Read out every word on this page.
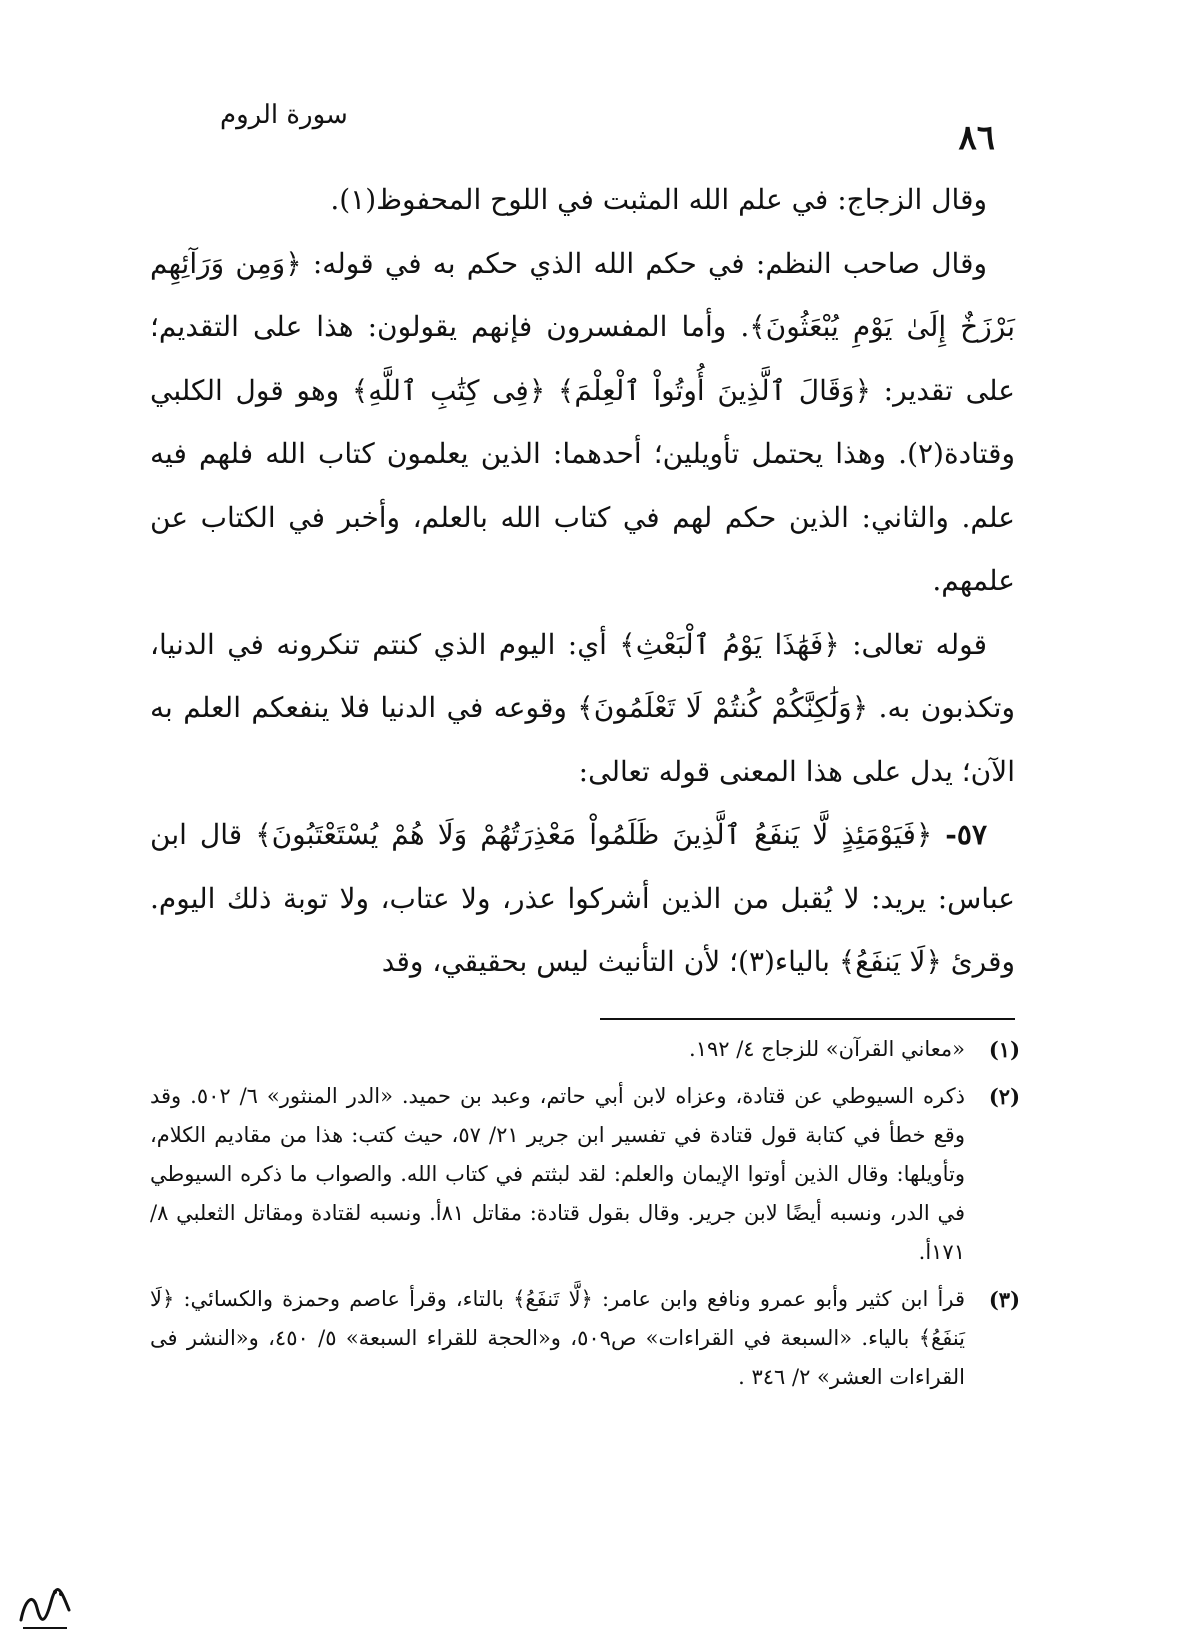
٨٦
سورة الروم

وقال الزجاج: في علم الله المثبت في اللوح المحفوظ(١).

وقال صاحب النظم: في حكم الله الذي حكم به في قوله: ﴿وَمِن وَرَآئِهِم بَرْزَخٌ إِلَىٰ يَوْمِ يُبْعَثُونَ﴾. وأما المفسرون فإنهم يقولون: هذا على التقديم؛ على تقدير: ﴿وَقَالَ ٱلَّذِينَ أُوتُواْ ٱلْعِلْمَ﴾ ﴿فِى كِتَٰبِ ٱللَّهِ﴾ وهو قول الكلبي وقتادة(٢). وهذا يحتمل تأويلين؛ أحدهما: الذين يعلمون كتاب الله فلهم فيه علم. والثاني: الذين حكم لهم في كتاب الله بالعلم، وأخبر في الكتاب عن علمهم.

قوله تعالى: ﴿فَهَٰذَا يَوْمُ ٱلْبَعْثِ﴾ أي: اليوم الذي كنتم تنكرونه في الدنيا، وتكذبون به. ﴿وَلَٰكِنَّكُمْ كُنتُمْ لَا تَعْلَمُونَ﴾ وقوعه في الدنيا فلا ينفعكم العلم به الآن؛ يدل على هذا المعنى قوله تعالى:

٥٧- ﴿فَيَوْمَئِذٍ لَّا يَنفَعُ ٱلَّذِينَ ظَلَمُواْ مَعْذِرَتُهُمْ وَلَا هُمْ يُسْتَعْتَبُونَ﴾ قال ابن عباس: يريد: لا يُقبل من الذين أشركوا عذر، ولا عتاب، ولا توبة ذلك اليوم. وقرئ ﴿لَا يَنفَعُ﴾ بالياء(٣)؛ لأن التأنيث ليس بحقيقي، وقد

(١)
«معاني القرآن» للزجاج ٤/ ١٩٢.
(٢)
ذكره السيوطي عن قتادة، وعزاه لابن أبي حاتم، وعبد بن حميد. «الدر المنثور» ٦/ ٥٠٢. وقد وقع خطأ في كتابة قول قتادة في تفسير ابن جرير ٢١/ ٥٧، حيث كتب: هذا من مقاديم الكلام، وتأويلها: وقال الذين أوتوا الإيمان والعلم: لقد لبثتم في كتاب الله. والصواب ما ذكره السيوطي في الدر، ونسبه أيضًا لابن جرير. وقال بقول قتادة: مقاتل ٨١أ. ونسبه لقتادة ومقاتل الثعلبي ٨/ ١٧١أ.
(٣)
قرأ ابن كثير وأبو عمرو ونافع وابن عامر: ﴿لَّا تَنفَعُ﴾ بالتاء، وقرأ عاصم وحمزة والكسائي: ﴿لَا يَنفَعُ﴾ بالياء. «السبعة في القراءات» ص٥٠٩، و«الحجة للقراء السبعة» ٥/ ٤٥٠، و«النشر فى القراءات العشر» ٢/ ٣٤٦ .
